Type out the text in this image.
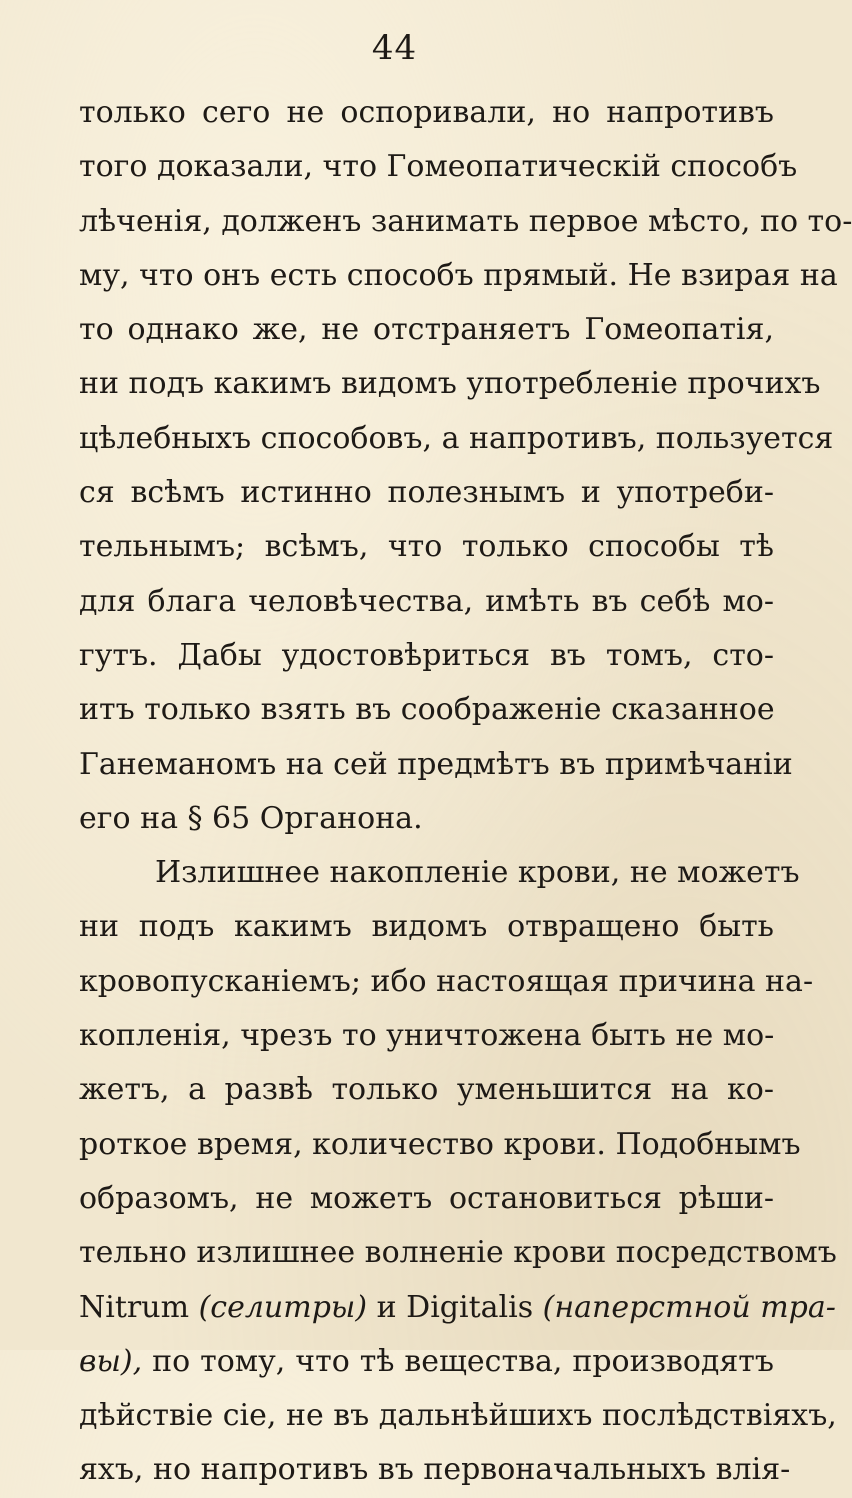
44
только сего не оспоривали, но напротивъ
того доказали, что Гомеопатическій способъ
лѣченія, долженъ занимать первое мѣсто, по то-
му, что онъ есть способъ прямый. Не взирая на
то однако же, не отстраняетъ Гомеопатія,
ни подъ какимъ видомъ употребленіе прочихъ
цѣлебныхъ способовъ, а напротивъ, пользуется
ся всѣмъ истинно полезнымъ и употреби-
тельнымъ; всѣмъ, что только способы тѣ
для блага человѣчества, имѣть въ себѣ мо-
гутъ. Дабы удостовѣриться въ томъ, сто-
итъ только взять въ соображеніе сказанное
Ганеманомъ на сей предмѣтъ въ примѣчаніи
его на § 65 Органона.
Излишнее накопленіе крови, не можетъ
ни подъ какимъ видомъ отвращено быть
кровопусканіемъ; ибо настоящая причина на-
копленія, чрезъ то уничтожена быть не мо-
жетъ, а развѣ только уменьшится на ко-
роткое время, количество крови. Подобнымъ
образомъ, не можетъ остановиться рѣши-
тельно излишнее волненіе крови посредствомъ
Nitrum (селитры) и Digitalis (наперстной тра-
вы), по тому, что тѣ вещества, производятъ
дѣйствіе сіе, не въ дальнѣйшихъ послѣдствіяхъ,
яхъ, но напротивъ въ первоначальныхъ влія-
